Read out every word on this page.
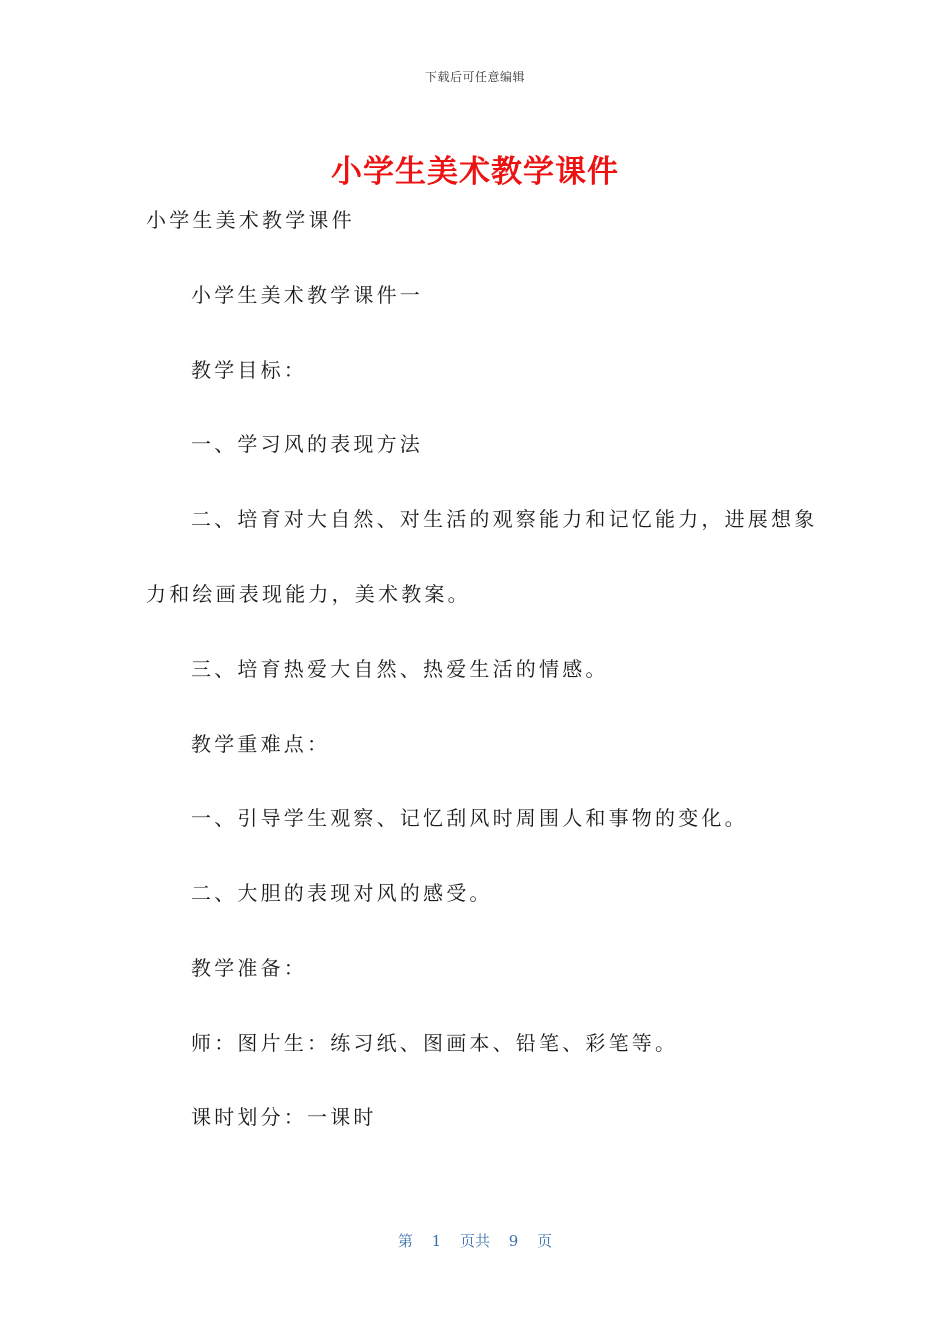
下载后可任意编辑
小学生美术教学课件
小学生美术教学课件
小学生美术教学课件一
教学目标：
一、学习风的表现方法
二、培育对大自然、对生活的观察能力和记忆能力，进展想象
力和绘画表现能力，美术教案。
三、培育热爱大自然、热爱生活的情感。
教学重难点：
一、引导学生观察、记忆刮风时周围人和事物的变化。
二、大胆的表现对风的感受。
教学准备：
师：图片生：练习纸、图画本、铅笔、彩笔等。
课时划分：一课时
第 1 页共 9 页
